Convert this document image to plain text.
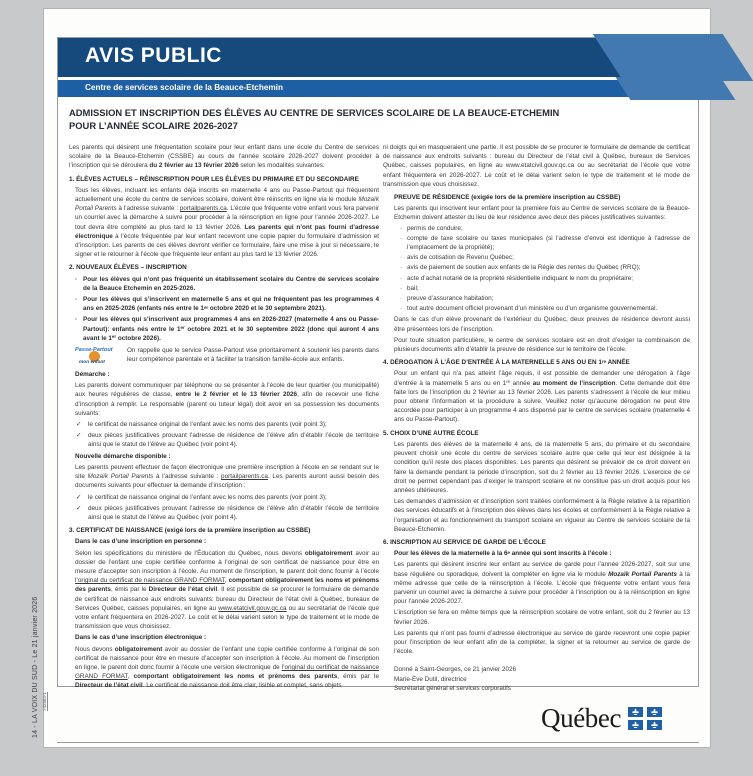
AVIS PUBLIC
Centre de services scolaire de la Beauce-Etchemin
ADMISSION ET INSCRIPTION DES ÉLÈVES AU CENTRE DE SERVICES SCOLAIRE DE LA BEAUCE-ETCHEMIN
POUR L’ANNÉE SCOLAIRE 2026-2027
Les parents qui désirent une fréquentation scolaire pour leur enfant dans une école du Centre de services scolaire de la Beauce-Etchemin (CSSBE) au cours de l’année scolaire 2026-2027 doivent procéder à l’inscription qui se déroulera du 2 février au 13 février 2026 selon les modalités suivantes:
1. ÉLÈVES ACTUELS – RÉINSCRIPTION POUR LES ÉLÈVES DU PRIMAIRE ET DU SECONDAIRE
Tous les élèves, incluant les enfants déjà inscrits en maternelle 4 ans ou Passe-Partout qui fréquentent actuellement une école du centre de services scolaire, doivent être réinscrits en ligne via le module Mozaïk Portail Parents à l’adresse suivante : portailparents.ca. L’école que fréquente votre enfant vous fera parvenir un courriel avec la démarche à suivre pour procéder à la réinscription en ligne pour l’année 2026-2027. Le tout devra être complété au plus tard le 13 février 2026. Les parents qui n’ont pas fourni d’adresse électronique à l’école fréquentée par leur enfant recevront une copie papier du formulaire d’admission et d’inscription. Les parents de ces élèves devront vérifier ce formulaire, faire une mise à jour si nécessaire, le signer et le retourner à l’école que fréquente leur enfant au plus tard le 13 février 2026.
2. NOUVEAUX ÉLÈVES – INSCRIPTION
· Pour les élèves qui n’ont pas fréquenté un établissement scolaire du Centre de services scolaire de la Beauce Etchemin en 2025-2026.
· Pour les élèves qui s’inscrivent en maternelle 5 ans et qui ne fréquentent pas les programmes 4 ans en 2025-2026 (enfants nés entre le 1er octobre 2020 et le 30 septembre 2021).
· Pour les élèves qui s’inscrivent aux programmes 4 ans en 2026-2027 (maternelle 4 ans ou Passe-Partout): enfants nés entre le 1er octobre 2021 et le 30 septembre 2022 (donc qui auront 4 ans avant le 1er octobre 2026).
Passe-Partout
mon enfant
On rappelle que le service Passe-Partout vise prioritairement à soutenir les parents dans leur compétence parentale et à faciliter la transition famille-école aux enfants.
Démarche :
Les parents doivent communiquer par téléphone ou se présenter à l’école de leur quartier (ou municipalité) aux heures régulières de classe, entre le 2 février et le 13 février 2026, afin de recevoir une fiche d’inscription à remplir. Le responsable (parent ou tuteur légal) doit avoir en sa possession les documents suivants:
✓ le certificat de naissance original de l’enfant avec les noms des parents (voir point 3);
✓ deux pièces justificatives prouvant l’adresse de résidence de l’élève afin d’établir l’école de territoire ainsi que le statut de l’élève au Québec (voir point 4).
Nouvelle démarche disponible :
Les parents peuvent effectuer de façon électronique une première inscription à l’école en se rendant sur le site Mozaïk Portail Parents à l’adresse suivante : portailparents.ca. Les parents auront aussi besoin des documents suivants pour effectuer la demande d’inscription :
✓ le certificat de naissance original de l’enfant avec les noms des parents (voir point 3);
✓ deux pièces justificatives prouvant l’adresse de résidence de l’élève afin d’établir l’école de territoire ainsi que le statut de l’élève au Québec (voir point 4).
3. CERTIFICAT DE NAISSANCE (exigé lors de la première inscription au CSSBE)
Dans le cas d’une inscription en personne :
Selon les spécifications du ministère de l’Éducation du Québec, nous devons obligatoirement avoir au dossier de l’enfant une copie certifiée conforme à l’original de son certificat de naissance pour être en mesure d’accepter son inscription à l’école. Au moment de l’inscription, le parent doit donc fournir à l’école l’original du certificat de naissance GRAND FORMAT, comportant obligatoirement les noms et prénoms des parents, émis par le Directeur de l’état civil. Il est possible de se procurer le formulaire de demande de certificat de naissance aux endroits suivants: bureau du Directeur de l’état civil à Québec, bureaux de Services Québec, caisses populaires, en ligne au www.etatcivil.gouv.qc.ca ou au secrétariat de l’école que votre enfant fréquentera en 2026-2027. Le coût et le délai varient selon le type de traitement et le mode de transmission que vous choisissez.
Dans le cas d’une inscription électronique :
Nous devons obligatoirement avoir au dossier de l’enfant une copie certifiée conforme à l’original de son certificat de naissance pour être en mesure d’accepter son inscription à l’école. Au moment de l’inscription en ligne, le parent doit donc fournir à l’école une version électronique de l’original du certificat de naissance GRAND FORMAT, comportant obligatoirement les noms et prénoms des parents, émis par le Directeur de l’état civil. Le certificat de naissance doit être clair, lisible et complet, sans objets
ni doigts qui en masqueraient une partie. Il est possible de se procurer le formulaire de demande de certificat de naissance aux endroits suivants : bureau du Directeur de l’état civil à Québec, bureaux de Services Québec, caisses populaires, en ligne au www.etatcivil.gouv.qc.ca ou au secrétariat de l’école que votre enfant fréquentera en 2026-2027. Le coût et le délai varient selon le type de traitement et le mode de transmission que vous choisissez.
PREUVE DE RÉSIDENCE (exigée lors de la première inscription au CSSBE)
Les parents qui inscrivent leur enfant pour la première fois au Centre de services scolaire de la Beauce-Etchemin doivent attester du lieu de leur résidence avec deux des pièces justificatives suivantes:
· permis de conduire;
· compte de taxe scolaire ou taxes municipales (si l’adresse d’envoi est identique à l’adresse de l’emplacement de la propriété);
· avis de cotisation de Revenu Québec;
· avis de paiement de soutien aux enfants de la Régie des rentes du Québec (RRQ);
· acte d’achat notarié de la propriété résidentielle indiquant le nom du propriétaire;
· bail;
· preuve d’assurance habitation;
· tout autre document officiel provenant d’un ministère ou d’un organisme gouvernemental.
Dans le cas d’un élève provenant de l’extérieur du Québec, deux preuves de résidence devront aussi être présentées lors de l’inscription.
Pour toute situation particulière, le centre de services scolaire est en droit d’exiger la combinaison de plusieurs documents afin d’établir la preuve de résidence sur le territoire de l’école.
4. DÉROGATION À L’ÂGE D’ENTRÉE À LA MATERNELLE 5 ANS OU EN 1re ANNÉE
Pour un enfant qui n’a pas atteint l’âge requis, il est possible de demander une dérogation à l’âge d’entrée à la maternelle 5 ans ou en 1re année au moment de l’inscription. Cette demande doit être faite lors de l’inscription du 2 février au 13 février 2026. Les parents s’adressent à l’école de leur milieu pour obtenir l’information et la procédure à suivre. Veuillez noter qu’aucune dérogation ne peut être accordée pour participer à un programme 4 ans dispensé par le centre de services scolaire (maternelle 4 ans ou Passe-Partout).
5. CHOIX D’UNE AUTRE ÉCOLE
Les parents des élèves de la maternelle 4 ans, de la maternelle 5 ans, du primaire et du secondaire peuvent choisir une école du centre de services scolaire autre que celle qui leur est désignée à la condition qu’il reste des places disponibles. Les parents qui désirent se prévaloir de ce droit doivent en faire la demande pendant la période d’inscription, soit du 2 février au 13 février 2026. L’exercice de ce droit ne permet cependant pas d’exiger le transport scolaire et ne constitue pas un droit acquis pour les années ultérieures.
Les demandes d’admission et d’inscription sont traitées conformément à la Règle relative à la répartition des services éducatifs et à l’inscription des élèves dans les écoles et conformément à la Règle relative à l’organisation et au fonctionnement du transport scolaire en vigueur au Centre de services scolaire de la Beauce-Etchemin.
6. INSCRIPTION AU SERVICE DE GARDE DE L’ÉCOLE
Pour les élèves de la maternelle à la 6e année qui sont inscrits à l’école :
Les parents qui désirent inscrire leur enfant au service de garde pour l’année 2026-2027, soit sur une base régulière ou sporadique, doivent la compléter en ligne via le module Mozaïk Portail Parents à la même adresse que celle de la réinscription à l’école. L’école que fréquente votre enfant vous fera parvenir un courriel avec la démarche à suivre pour procéder à l’inscription ou à la réinscription en ligne pour l’année 2026-2027.
L’inscription se fera en même temps que la réinscription scolaire de votre enfant, soit du 2 février au 13 février 2026.
Les parents qui n’ont pas fourni d’adresse électronique au service de garde recevront une copie papier pour l’inscription de leur enfant afin de la compléter, la signer et la retourner au service de garde de l’école.
Donné à Saint-Georges, ce 21 janvier 2026
Marie-Ève Dutil, directrice
Secrétariat général et services corporatifs
Québec
14 - LA VOIX DU SUD - Le 21 janvier 2026 >42563-1
